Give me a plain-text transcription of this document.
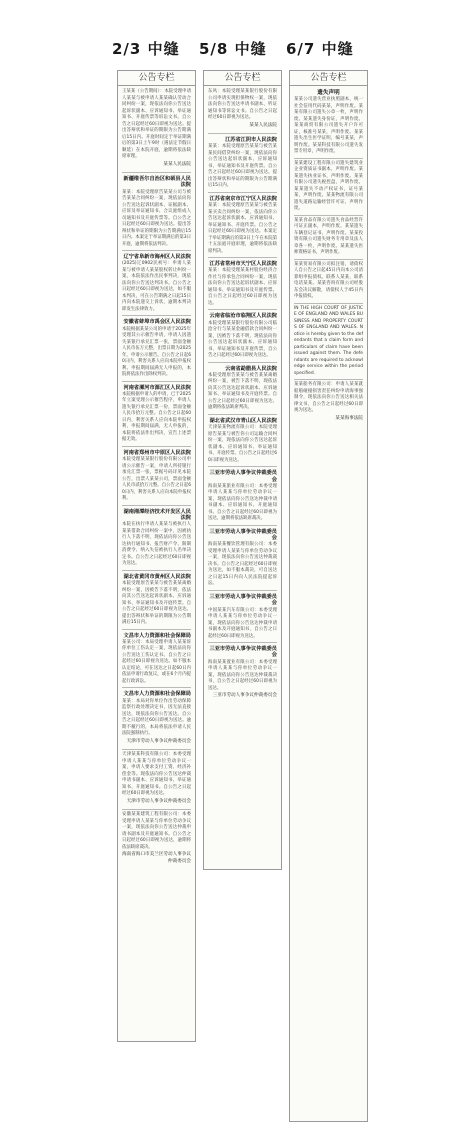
2/3 中缝 5/8 中缝 6/7 中缝
公告专栏
王某某（公告期间）：本院受理申请人某某与被申请人某某确认劳动合同纠纷一案，现依法向你公告送达起诉状副本、应诉通知书、举证通知书、开庭传票等诉讼文书。自公告之日起经过60日即视为送达。提出答辩状和举证的期限为公告期满后15日内。开庭时间定于举证期满后的第3日上午9时（遇法定节假日顺延）在本院开庭，逾期将依法缺席审理。
某某人民法院
新疆维吾尔自治区和硕县人民法院
某某：本院受理原告某某公司与被告某某合同纠纷一案，现依法向你公告送达起诉状副本、证据副本、应诉及举证通知书、合议庭组成人员通知书及开庭传票等。自公告之日起经过60日即视为送达。提出答辩状和举证的期限为公告期满后15日内。本案定于举证期满后的第3日开庭，逾期将依法判决。
辽宁省阜新市海州区人民法院
(2025)辽0902民初号：申请人某某与被申请人某某股权转让纠纷一案，本院依法作出民事判决，现依法向你公告送达判决书。自公告之日起经过60日即视为送达，如不服本判决，可在公告期满之日起15日内向本院递交上诉状，逾期本判决即发生法律效力。
安徽省蚌埠市禹会区人民法院
本院根据某某公司的申请于2025年受理其公示催告申请，申请人因遗失某银行承兑汇票一张，票面金额人民币伍万元整，出票日期为2025年，申请公示催告。自公告之日起60日内，利害关系人应向本院申报权利。申报期间届满无人申报的，本院将依法作出除权判决。
河南省漯河市源汇区人民法院
本院根据申请人的申请，已于2025年立案受理公示催告程序，申请人遗失银行承兑汇票一份，票面金额人民币拾万元整。自公告之日起60日内，利害关系人应向本院申报权利，申报期间届满，无人申报的，本院将依法作出判决，宣告上述票据无效。
河南省郑州市中原区人民法院
本院受理某某银行股份有限公司申请公示催告一案，申请人所持银行承兑汇票一张，票据号码详见本院公告，出票人某某公司，票面金额人民币贰拾万元整。自公告之日起60日内，利害关系人应向本院申报权利。
湖南湘潭经济技术开发区人民法院
本院在执行申请人某某与被执行人某某借款合同纠纷一案中，因被执行人下落不明，现依法向你公告送达执行通知书、报告财产令、限制消费令、纳入失信被执行人名单决定书。自公告之日起经过60日即视为送达。
湖北省黄冈市黄州区人民法院
本院受理原告某某与被告某某离婚纠纷一案，因被告下落不明，依法向其公告送达起诉状副本、应诉通知书、举证通知书及开庭传票。自公告之日起经过60日即视为送达。提出答辩状和举证的期限为公告期满后15日内。
文昌市人力资源和社会保障局
某某公司：本局受理申请人某某诉你单位工伤认定一案，现依法向你公告送达工伤认定书。自公告之日起经过60日即视为送达。如不服本认定结论，可在送达之日起60日内依法申请行政复议，或在6个月内提起行政诉讼。
文昌市人力资源和社会保障局
某某：本局对你单位作出劳动保障监察行政处理决定书，因无法直接送达，现依法向你公告送达。自公告之日起经过60日即视为送达。逾期不履行的，本局将依法申请人民法院强制执行。
天津市劳动人事争议仲裁委员会
天津某某科技有限公司：本委受理申请人某某与你单位劳动争议一案，申请人要求支付工资、经济补偿金等。现依法向你公告送达仲裁申请书副本、应诉通知书、举证通知书、开庭通知书。自公告之日起经过60日即视为送达。
天津市劳动人事争议仲裁委员会
安徽某某建筑工程有限公司：本委受理申请人某某与你单位劳动争议一案，现依法向你公告送达仲裁申请书副本及开庭通知书。自公告之日起经过60日即视为送达，逾期将依法缺席裁决。
海南省海口市美兰区劳动人事争议仲裁委员会
公告专栏
东风：本院受理某某银行股份有限公司申请实现担保物权一案，现依法向你公告送达申请书副本、听证通知书等诉讼文书。自公告之日起经过60日即视为送达。
某某人民法院
江苏省江阴市人民法院
某某：本院受理原告某某与被告某某民间借贷纠纷一案，现依法向你公告送达起诉状副本、应诉通知书、举证通知书及开庭传票。自公告之日起经过60日即视为送达。提出答辩状和举证的期限为公告期满后15日内。
江苏省南京市江宁区人民法院
某某：本院受理原告某某与被告某某买卖合同纠纷一案，依法向你公告送达起诉状副本、应诉通知书、举证通知书、开庭传票。自公告之日起经过60日即视为送达。本案定于举证期满后的第3日上午在本院第十五法庭开庭审理，逾期将依法缺席判决。
江苏省常州市天宁区人民法院
某某：本院受理某某村股份经济合作社与你承包合同纠纷一案，现依法向你公告送达起诉状副本、应诉通知书、举证通知书及开庭传票。自公告之日起经过60日即视为送达。
云南省临沧市临翔区人民法院
本院受理某某银行股份有限公司临沧分行与某某金融借款合同纠纷一案，因被告下落不明，现依法向你公告送达起诉状副本、应诉通知书、举证通知书及开庭传票，自公告之日起经过60日即视为送达。
云南省勐腊县人民法院
本院受理原告某某与被告某某离婚纠纷一案，被告下落不明，现依法向其公告送达起诉状副本、应诉通知书、举证通知书及开庭传票。自公告之日起经过60日即视为送达，逾期将依法缺席判决。
湖北省武汉市青山区人民法院
天津某某物流有限公司：本院受理原告某某与被告你公司运输合同纠纷一案，现依法向你公告送达起诉状副本、应诉通知书、举证通知书、开庭传票。自公告之日起经过60日即视为送达。
三亚市劳动人事争议仲裁委员会
海南某某旅业有限公司：本委受理申请人某某与你单位劳动争议一案，现依法向你公告送达仲裁申请书副本、应诉通知书、开庭通知书。自公告之日起经过60日即视为送达，逾期将依法缺席裁决。
三亚市劳动人事争议仲裁委员会
海南某某餐饮管理有限公司：本委受理申请人某某与你单位劳动争议一案，现依法向你公告送达仲裁裁决书。自公告之日起经过60日即视为送达，如不服本裁决，可自送达之日起15日内向人民法院提起诉讼。
三亚市劳动人事争议仲裁委员会
中国某某汽车有限公司：本委受理申请人某某与你单位劳动争议一案，现依法向你公告送达仲裁申请书副本及开庭通知书，自公告之日起经过60日即视为送达。
三亚市劳动人事争议仲裁委员会
海南某某置业有限公司：本委受理申请人某某与你单位劳动争议一案，现依法向你公告送达仲裁裁决书，自公告之日起经过60日即视为送达。
三亚市劳动人事争议仲裁委员会
公告专栏
遗失声明
某某公司遗失营业执照副本，统一社会信用代码某某，声明作废。某某有限公司遗失公章一枚，声明作废。某某遗失身份证，声明作废。某某商贸有限公司遗失开户许可证，核准号某某，声明作废。某某遗失出生医学证明，编号某某，声明作废。某某科技有限公司遗失发票专用章，声明作废。
某某建设工程有限公司遗失建筑业企业资质证书副本，声明作废。某某遗失执业证书，声明作废。某某有限公司遗失税控盘，声明作废。某某遗失不动产权证书，证号某某，声明作废。某某物流有限公司遗失道路运输经营许可证，声明作废。
某某食品有限公司遗失食品经营许可证正副本，声明作废。某某遗失车辆登记证书，声明作废。某某投资有限公司遗失财务专用章及法人章各一枚，声明作废。某某遗失医师资格证书，声明作废。
某某贸易有限公司拟注销，请债权人自公告之日起45日内向本公司清算组申报债权。联系人某某，联系电话某某。某某咨询有限公司经股东会决议解散，请债权人于45日内申报债权。
IN THE HIGH COURT OF JUSTICE OF ENGLAND AND WALES BUSINESS AND PROPERTY COURTS OF ENGLAND AND WALES. Notice is hereby given to the defendants that a claim form and particulars of claim have been issued against them. The defendants are required to acknowledge service within the period specified.
某某船务有限公司：申请人某某就船舶碰撞损害责任纠纷申请海事强制令，现依法向你公告送达相关法律文书，自公告之日起经过60日即视为送达。
某某海事法院
